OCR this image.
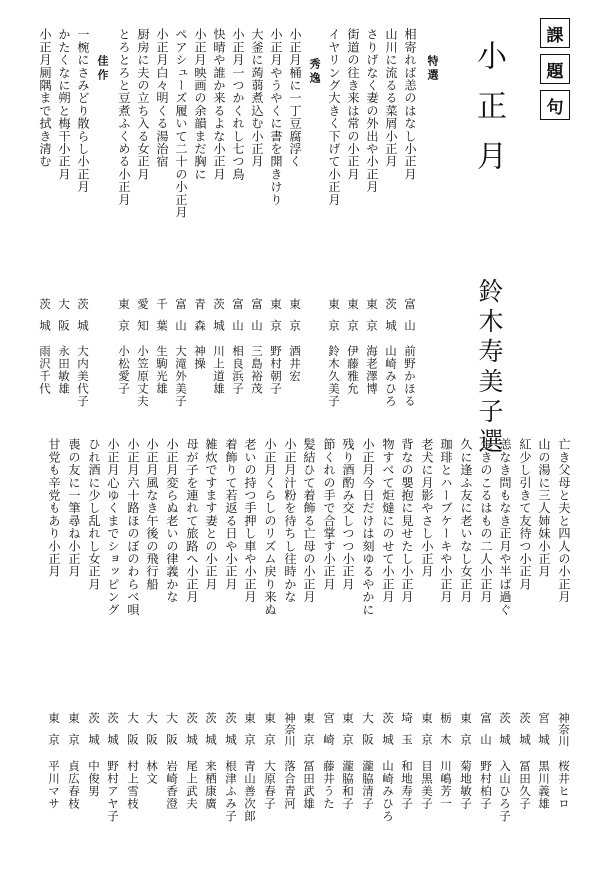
課
題
句
小正月
鈴木寿美子選
特選
相寄れば恙のはなし小正月
山川に流るる菜屑小正月
さりげなく妻の外出や小正月
街道の往き来は常の小正月
イヤリング大きく下げて小正月
秀逸
小正月桶に一丁豆腐浮く
小正月やうやくに書を開きけり
大釜に蒟蒻煮込む小正月
小正月一つかくれし七つ鳥
快晴や誰か来るよな小正月
小正月映画の余韻まだ胸に
ペアシューズ履いて二十の小正月
小正月白々明くる湯治宿
厨房に夫の立ち入る女正月
とろとろと豆煮ふくめる小正月
佳作
一椀にさみどり散らし小正月
かたくなに朔と梅干小正月
小正月厠隅まで拭き清む
富山
前野かほる
茨城
山崎みひろ
東京
海老澤博
東京
伊藤雅允
東京
鈴木久美子
東京
酒井宏
東京
野村朝子
富山
三島裕茂
富山
相良浜子
茨城
川上道雄
青森
神操
富山
大滝外美子
千葉
生駒光雄
愛知
小笠原丈夫
東京
小松愛子
茨城
大内美代子
大阪
永田敏雄
茨城
雨沢千代
亡き父母と夫と四人の小正月
山の湯に三人姉妹小正月
紅少し引きて友待つ小正月
恙なき問もなき正月や半ば過ぐ
生きのこるはもの二人小正月
久に逢ふ友に老いなし女正月
珈琲とハーブケーキや小正月
老犬に月影やさし小正月
背なの嬰抱に見せたし小正月
物すべて炬燵にのせて小正月
小正月今日だけは刻ゆるやかに
残り酒酌み交しつつ小正月
節くれの手で合掌す小正月
髪結ひて着飾る亡母の小正月
小正月汁粉を待ちし往時かな
小正月くらしのリズム戻り来ぬ
老いの持つ手押し車や小正月
着飾りて若返る日や小正月
雑炊ですます妻との小正月
母が子を連れて旅路へ小正月
小正月変らぬ老いの律義かな
小正月風なき午後の飛行船
小正月六十路ほのぼのわらべ唄
小正月心ゆくまでショッピング
ひれ酒に少し乱れし女正月
喪の友に一筆尋ね小正月
甘党も辛党もあり小正月
神奈川
桜井ヒロ
宮城
黒川義雄
茨城
冨田久子
茨城
入山ひろ子
富山
野村柏子
東京
菊地敏子
栃木
川嶋芳一
東京
目黒美子
埼玉
和地寿子
茨城
山崎みひろ
大阪
瀧脇清子
東京
瀧脇和子
宮崎
藤井うた
東京
冨田武雄
神奈川
落合青河
東京
大原春子
東京
青山善次郎
茨城
根津ふみ子
茨城
来栖康廣
茨城
尾上武夫
大阪
岩崎香澄
大阪
林文
大阪
村上雪枝
茨城
野村アヤ子
茨城
中俊男
東京
貞広春枝
東京
平川マサ
